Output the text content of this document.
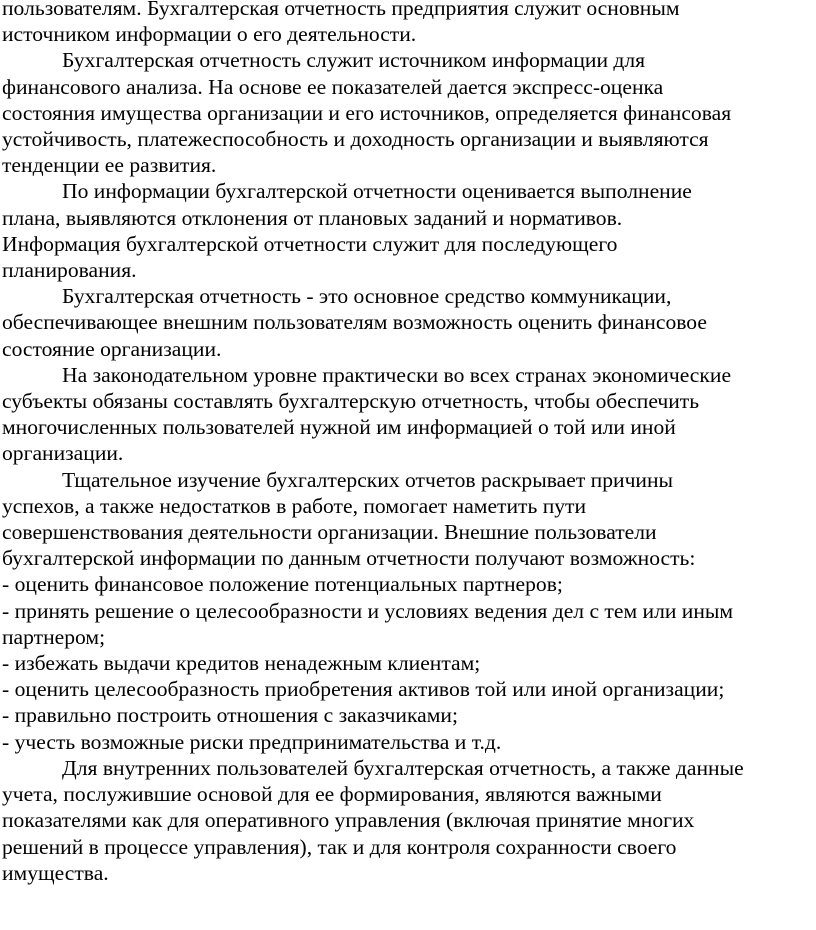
пользователям. Бухгалтерская отчетность предприятия служит основным
источником информации о его деятельности.
Бухгалтерская отчетность служит источником информации для
финансового анализа. На основе ее показателей дается экспресс-оценка
состояния имущества организации и его источников, определяется финансовая
устойчивость, платежеспособность и доходность организации и выявляются
тенденции ее развития.
По информации бухгалтерской отчетности оценивается выполнение
плана, выявляются отклонения от плановых заданий и нормативов.
Информация бухгалтерской отчетности служит для последующего
планирования.
Бухгалтерская отчетность - это основное средство коммуникации,
обеспечивающее внешним пользователям возможность оценить финансовое
состояние организации.
На законодательном уровне практически во всех странах экономические
субъекты обязаны составлять бухгалтерскую отчетность, чтобы обеспечить
многочисленных пользователей нужной им информацией о той или иной
организации.
Тщательное изучение бухгалтерских отчетов раскрывает причины
успехов, а также недостатков в работе, помогает наметить пути
совершенствования деятельности организации. Внешние пользователи
бухгалтерской информации по данным отчетности получают возможность:
- оценить финансовое положение потенциальных партнеров;
- принять решение о целесообразности и условиях ведения дел с тем или иным
партнером;
- избежать выдачи кредитов ненадежным клиентам;
- оценить целесообразность приобретения активов той или иной организации;
- правильно построить отношения с заказчиками;
- учесть возможные риски предпринимательства и т.д.
Для внутренних пользователей бухгалтерская отчетность, а также данные
учета, послужившие основой для ее формирования, являются важными
показателями как для оперативного управления (включая принятие многих
решений в процессе управления), так и для контроля сохранности своего
имущества.
